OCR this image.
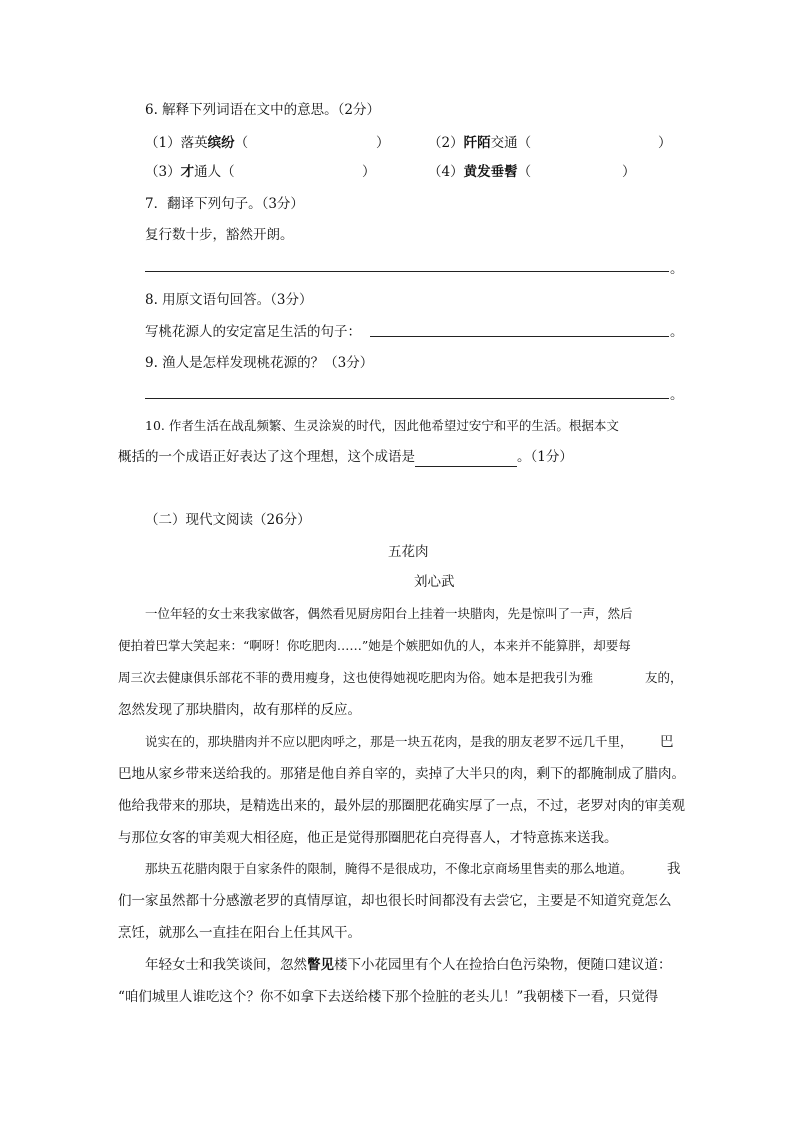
6. 解释下列词语在文中的意思。（2分）
（1）落英缤纷（	）	（2）阡陌交通（	）
（3）才通人（	）	（4）黄发垂髫（	）
7．翻译下列句子。（3分）
复行数十步，豁然开朗。
。
8. 用原文语句回答。（3分）
写桃花源人的安定富足生活的句子：	。
9. 渔人是怎样发现桃花源的？（3分）
。
10. 作者生活在战乱频繁、生灵涂炭的时代，因此他希望过安宁和平的生活。根据本文
概括的一个成语正好表达了这个理想，这个成语是	。（1分）
（二）现代文阅读（26分）
五花肉
刘心武
一位年轻的女士来我家做客，偶然看见厨房阳台上挂着一块腊肉，先是惊叫了一声，然后
便拍着巴掌大笑起来：“啊呀！你吃肥肉……”她是个嫉肥如仇的人，本来并不能算胖，却要每
周三次去健康俱乐部花不菲的费用瘦身，这也使得她视吃肥肉为俗。她本是把我引为雅	友的，
忽然发现了那块腊肉，故有那样的反应。
说实在的，那块腊肉并不应以肥肉呼之，那是一块五花肉，是我的朋友老罗不远几千里， 巴
巴地从家乡带来送给我的。那猪是他自养自宰的，卖掉了大半只的肉，剩下的都腌制成了腊肉。
他给我带来的那块，是精选出来的，最外层的那圈肥花确实厚了一点，不过，老罗对肉的审美观
与那位女客的审美观大相径庭，他正是觉得那圈肥花白亮得喜人，才特意拣来送我。
那块五花腊肉限于自家条件的限制，腌得不是很成功，不像北京商场里售卖的那么地道。	我
们一家虽然都十分感激老罗的真情厚谊，却也很长时间都没有去尝它，主要是不知道究竟怎么
烹饪，就那么一直挂在阳台上任其风干。
年轻女士和我笑谈间，忽然瞥见楼下小花园里有个人在捡拾白色污染物，便随口建议道：
“咱们城里人谁吃这个？你不如拿下去送给楼下那个捡脏的老头儿！”我朝楼下一看，只觉得
